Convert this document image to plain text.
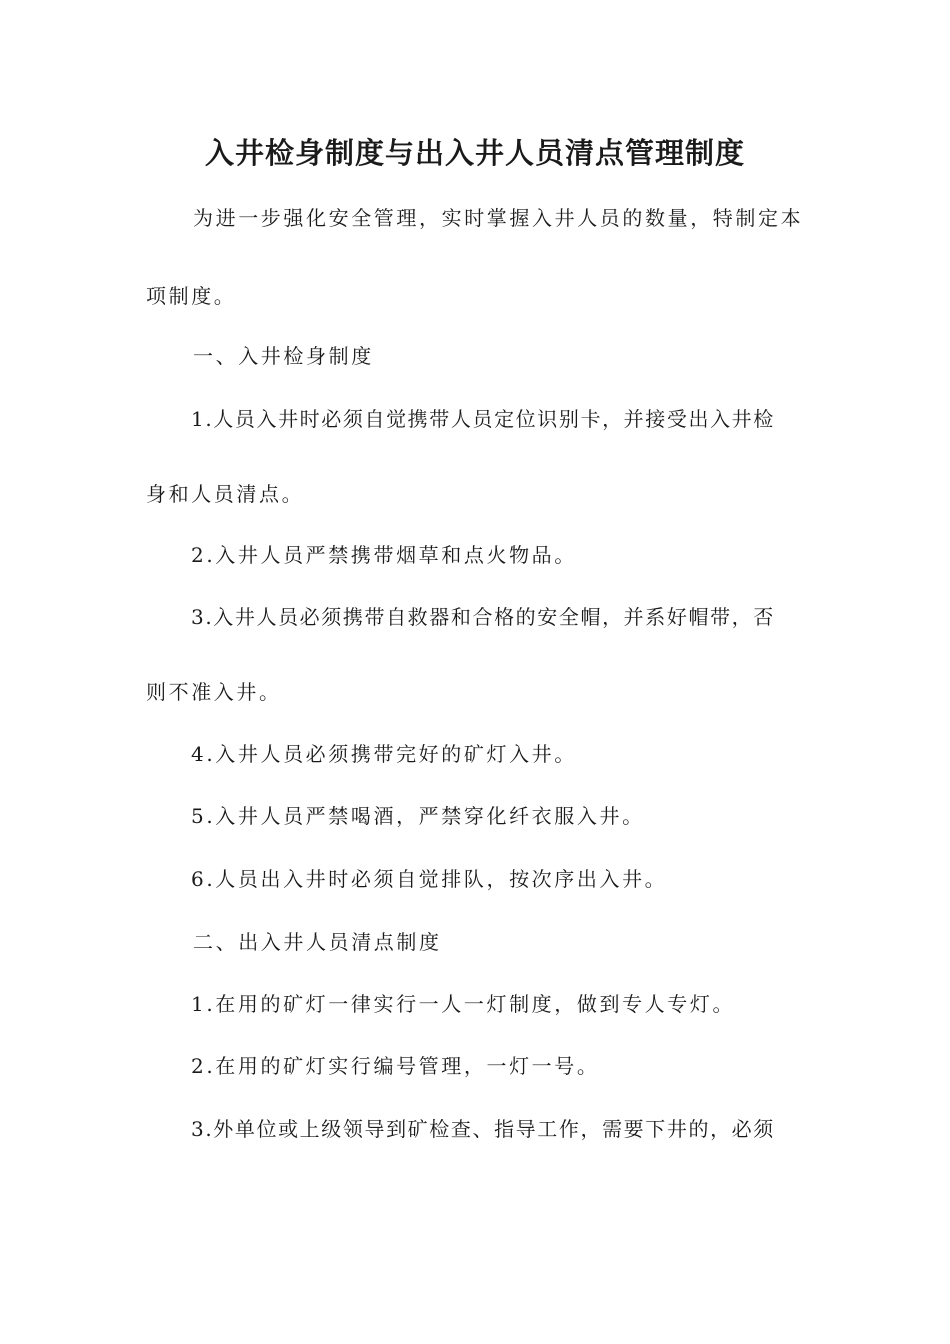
入井检身制度与出入井人员清点管理制度

为进一步强化安全管理，实时掌握入井人员的数量，特制定本

项制度。

一、入井检身制度

1.人员入井时必须自觉携带人员定位识别卡，并接受出入井检

身和人员清点。

2.入井人员严禁携带烟草和点火物品。

3.入井人员必须携带自救器和合格的安全帽，并系好帽带，否

则不准入井。

4.入井人员必须携带完好的矿灯入井。

5.入井人员严禁喝酒，严禁穿化纤衣服入井。

6.人员出入井时必须自觉排队，按次序出入井。

二、出入井人员清点制度

1.在用的矿灯一律实行一人一灯制度，做到专人专灯。

2.在用的矿灯实行编号管理，一灯一号。

3.外单位或上级领导到矿检查、指导工作，需要下井的，必须
